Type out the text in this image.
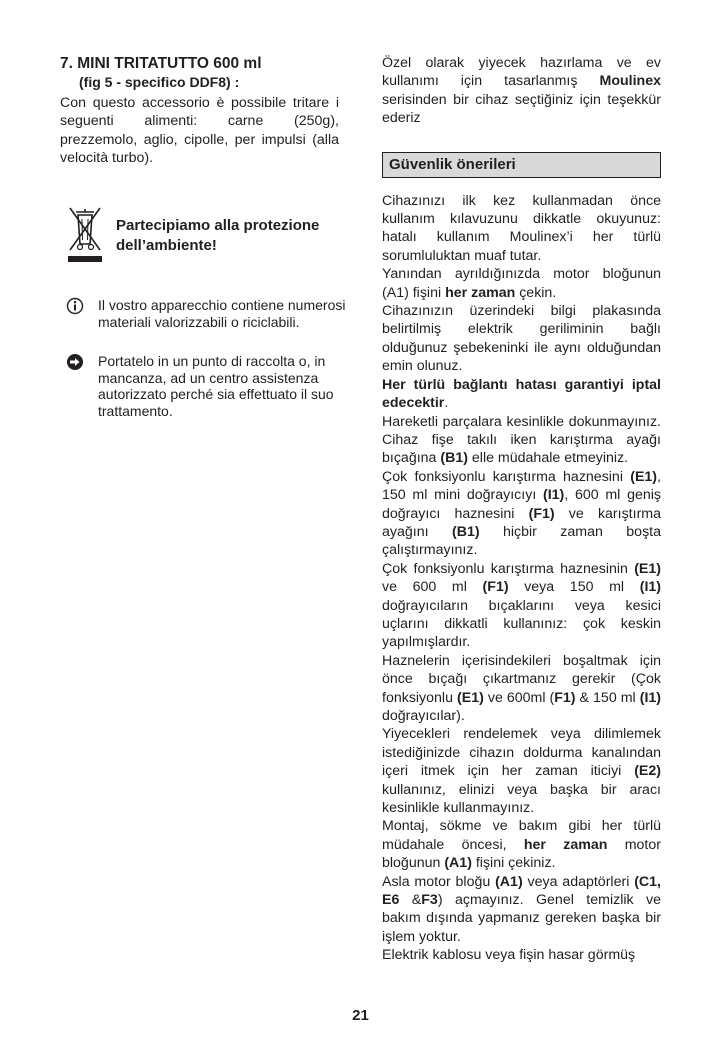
7. MINI TRITATUTTO 600 ml

(fig 5 - specifico DDF8) :

Con questo accessorio è possibile tritare i seguenti alimenti: carne (250g), prezzemolo, aglio, cipolle, per impulsi (alla velocità turbo).

Partecipiamo alla protezione dell’ambiente!
Il vostro apparecchio contiene numerosi materiali valorizzabili o riciclabili.
Portatelo in un punto di raccolta o, in mancanza, ad un centro assistenza autorizzato perché sia effettuato il suo trattamento.

Özel olarak yiyecek hazırlama ve ev kullanımı için tasarlanmış Moulinex serisinden bir cihaz seçtiğiniz için teşekkür ederiz

Güvenlik önerileri

Cihazınızı ilk kez kullanmadan önce kullanım kılavuzunu dikkatle okuyunuz: hatalı kullanım Moulinex’i her türlü sorumluluktan muaf tutar.

Yanından ayrıldığınızda motor bloğunun (A1) fişini her zaman çekin.

Cihazınızın üzerindeki bilgi plakasında belirtilmiş elektrik geriliminin bağlı olduğunuz şebekeninki ile aynı olduğundan emin olunuz.

Her türlü bağlantı hatası garantiyi iptal edecektir.

Hareketli parçalara kesinlikle dokunmayınız. Cihaz fişe takılı iken karıştırma ayağı bıçağına (B1) elle müdahale etmeyiniz.

Çok fonksiyonlu karıştırma haznesini (E1), 150 ml mini doğrayıcıyı (I1), 600 ml geniş doğrayıcı haznesini (F1) ve karıştırma ayağını (B1) hiçbir zaman boşta çalıştırmayınız.

Çok fonksiyonlu karıştırma haznesinin (E1) ve 600 ml (F1) veya 150 ml (I1) doğrayıcıların bıçaklarını veya kesici uçlarını dikkatli kullanınız: çok keskin yapılmışlardır.

Haznelerin içerisindekileri boşaltmak için önce bıçağı çıkartmanız gerekir (Çok fonksiyonlu (E1) ve 600ml (F1) & 150 ml (I1) doğrayıcılar).

Yiyecekleri rendelemek veya dilimlemek istediğinizde cihazın doldurma kanalından içeri itmek için her zaman iticiyi (E2) kullanınız, elinizi veya başka bir aracı kesinlikle kullanmayınız.

Montaj, sökme ve bakım gibi her türlü müdahale öncesi, her zaman motor bloğunun (A1) fişini çekiniz.

Asla motor bloğu (A1) veya adaptörleri (C1, E6 &F3) açmayınız. Genel temizlik ve bakım dışında yapmanız gereken başka bir işlem yoktur.

Elektrik kablosu veya fişin hasar görmüş

21
